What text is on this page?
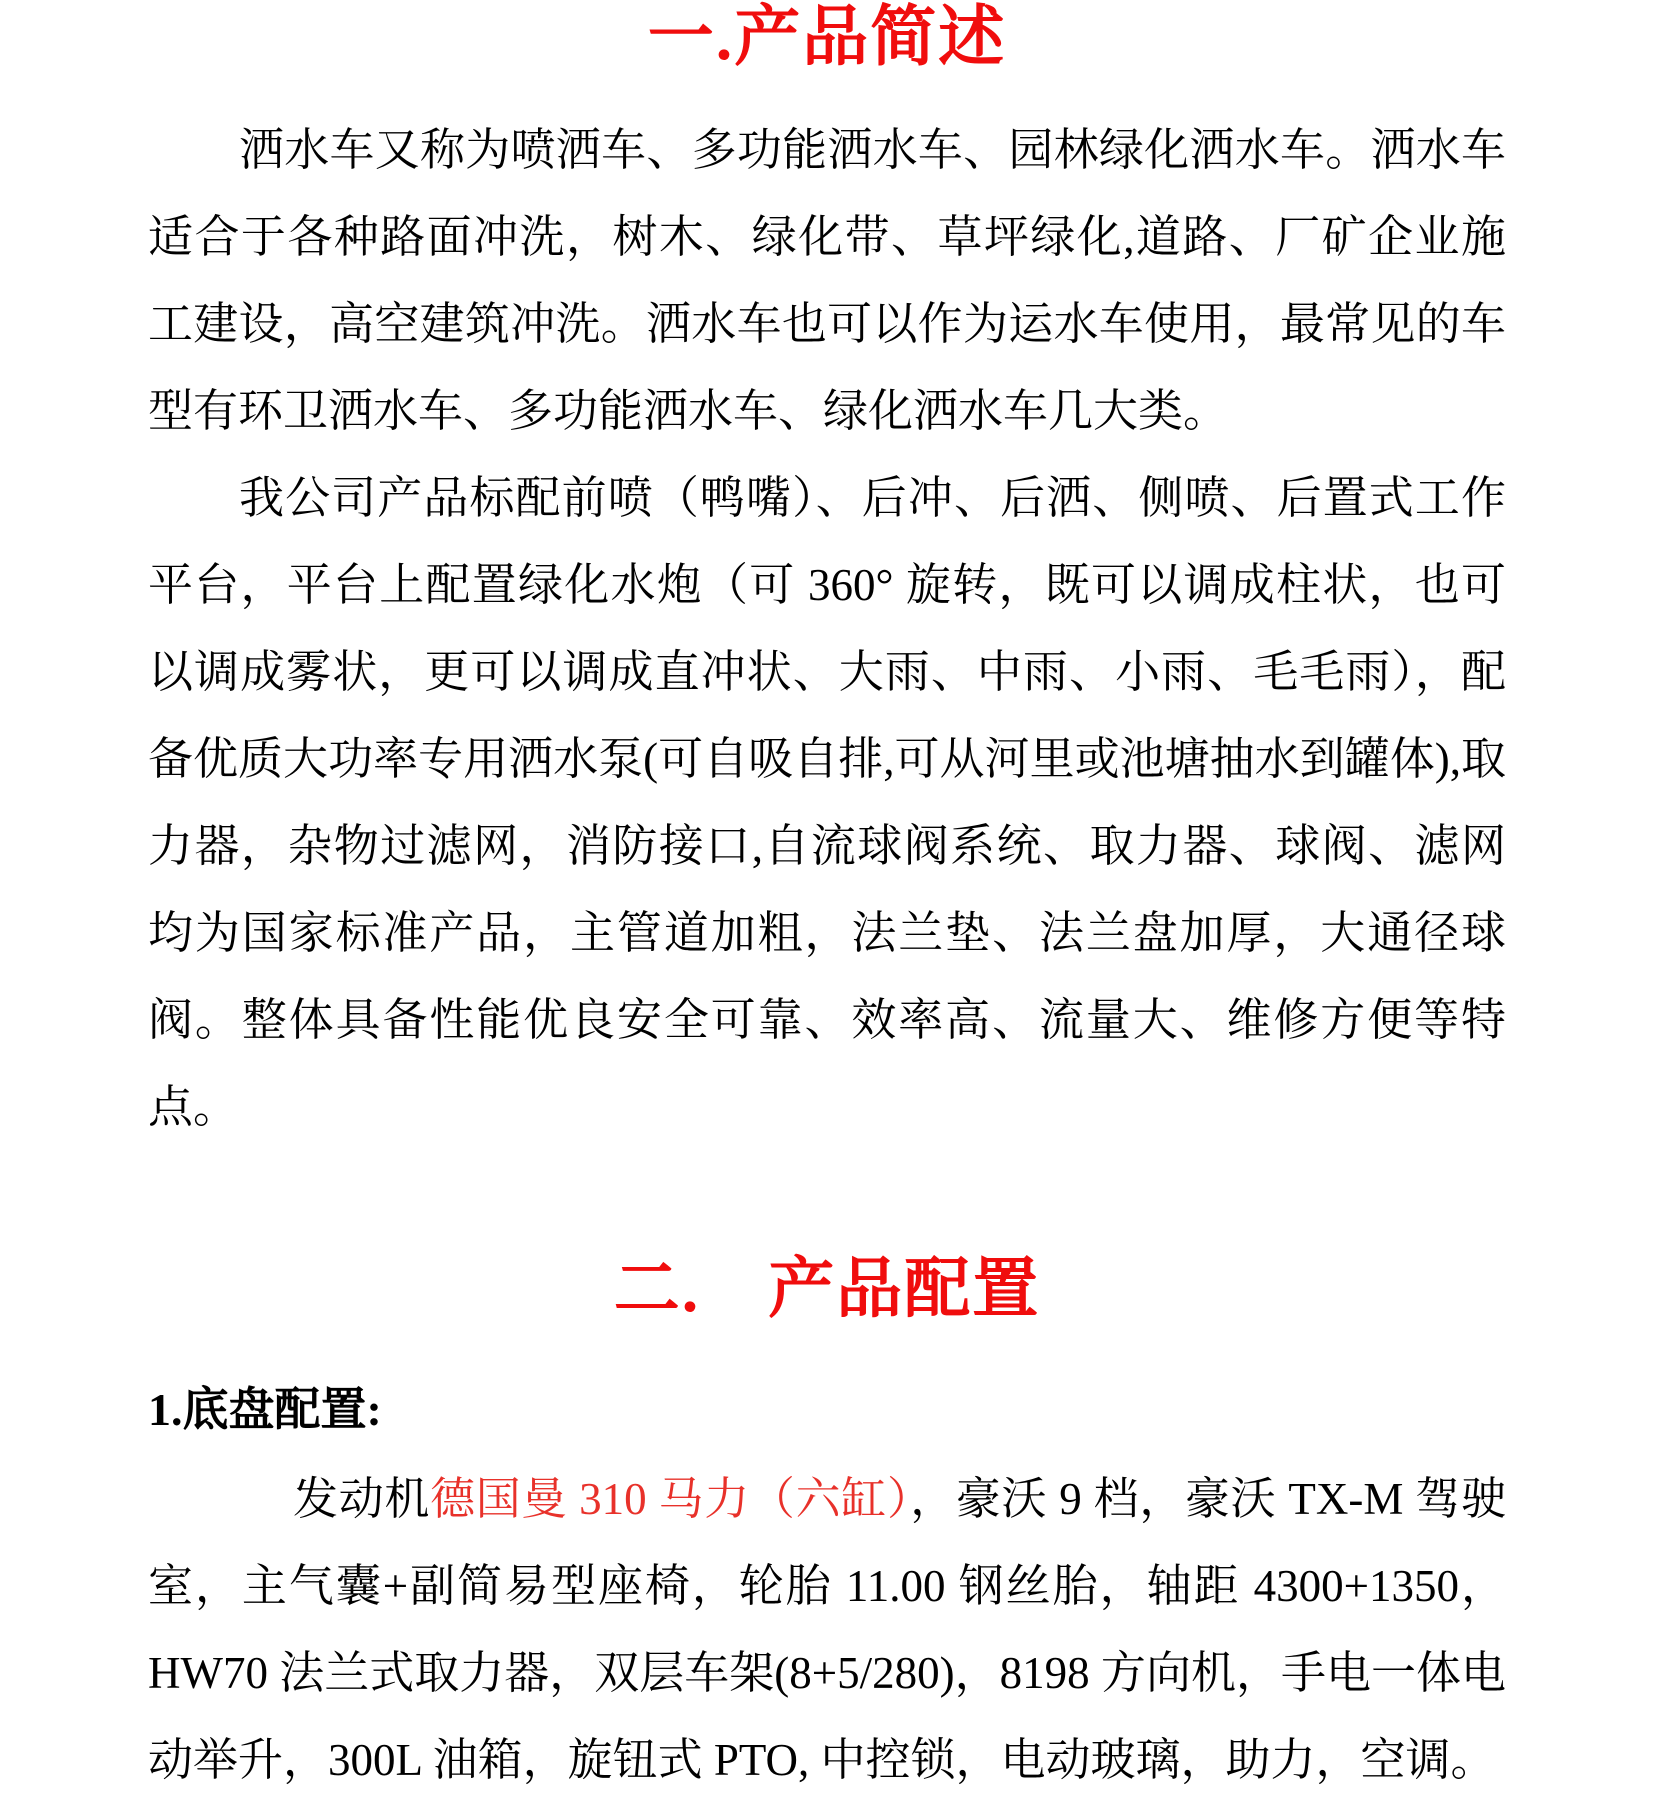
一.产品简述

洒水车又称为喷洒车、多功能洒水车、园林绿化洒水车。洒水车适合于各种路面冲洗，树木、绿化带、草坪绿化,道路、厂矿企业施工建设，高空建筑冲洗。洒水车也可以作为运水车使用，最常见的车型有环卫洒水车、多功能洒水车、绿化洒水车几大类。

我公司产品标配前喷（鸭嘴）、后冲、后洒、侧喷、后置式工作平台，平台上配置绿化水炮（可 360° 旋转，既可以调成柱状，也可以调成雾状，更可以调成直冲状、大雨、中雨、小雨、毛毛雨），配备优质大功率专用洒水泵(可自吸自排,可从河里或池塘抽水到罐体),取力器，杂物过滤网，消防接口,自流球阀系统、取力器、球阀、滤网均为国家标准产品，主管道加粗，法兰垫、法兰盘加厚，大通径球阀。整体具备性能优良安全可靠、效率高、流量大、维修方便等特点。

二.　产品配置
1.底盘配置:

发动机德国曼 310 马力（六缸），豪沃 9 档，豪沃 TX-M 驾驶室，主气囊+副简易型座椅，轮胎 11.00 钢丝胎，轴距 4300+1350，HW70 法兰式取力器，双层车架(8+5/280)，8198 方向机，手电一体电动举升，300L 油箱，旋钮式 PTO, 中控锁，电动玻璃，助力，空调。
